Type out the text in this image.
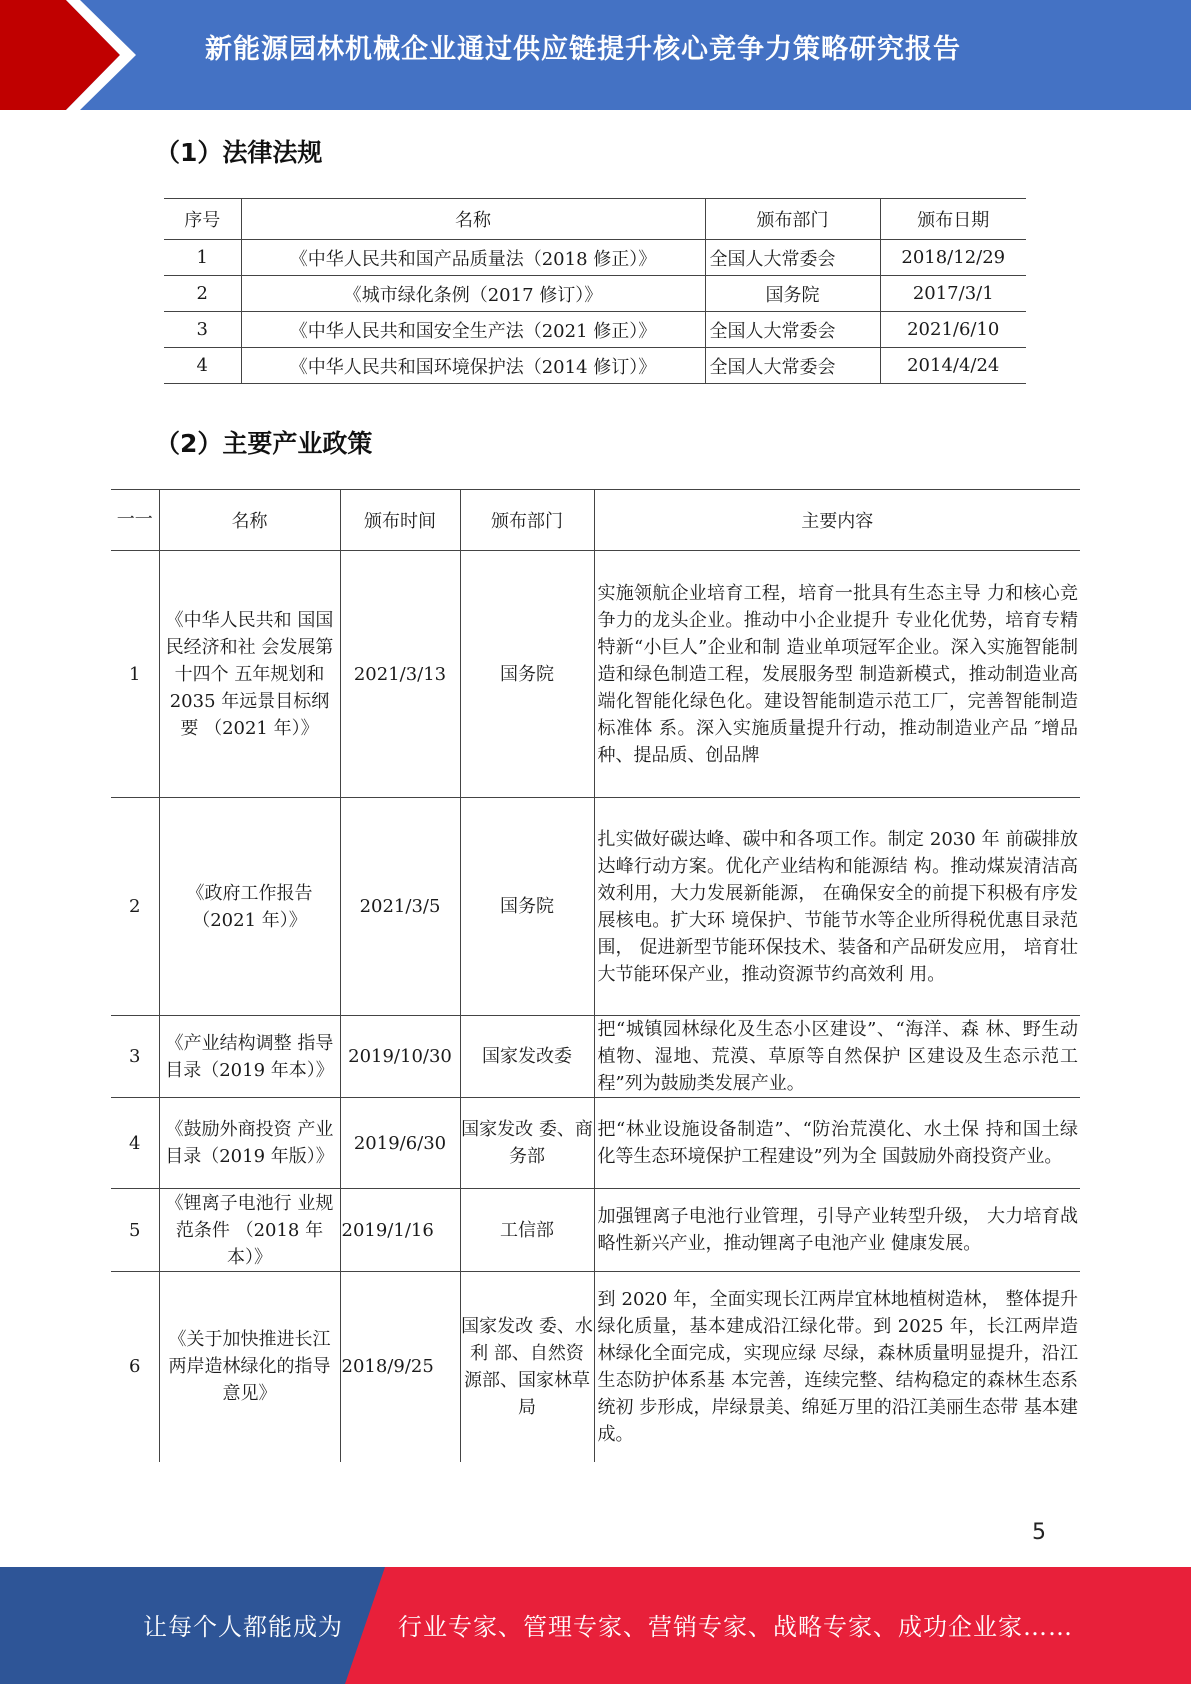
新能源园林机械企业通过供应链提升核心竞争力策略研究报告
（1）法律法规
序号	名称	颁布部门	颁布日期
1	《中华人民共和国产品质量法（2018 修正）》	全国人大常委会	2018/12/29
2	《城市绿化条例（2017 修订）》	国务院	2017/3/1
3	《中华人民共和国安全生产法（2021 修正）》	全国人大常委会	2021/6/10
4	《中华人民共和国环境保护法（2014 修订）》	全国人大常委会	2014/4/24
（2）主要产业政策
一一	名称	颁布时间	颁布部门	主要内容
1	《中华人民共和 国国民经济和社 会发展第十四个 五年规划和 2035 年远景目标纲要 （2021 年）》	2021/3/13	国务院	实施领航企业培育工程，培育一批具有生态主导 力和核心竞争力的龙头企业。推动中小企业提升 专业化优势，培育专精特新“小巨人”企业和制 造业单项冠军企业。深入实施智能制造和绿色制造工程，发展服务型 制造新模式，推动制造业高端化智能化绿色化。建设智能制造示范工厂，完善智能制造标准体 系。深入实施质量提升行动，推动制造业产品 ″增品种、提品质、创品牌
2	《政府工作报告（2021 年）》	2021/3/5	国务院	扎实做好碳达峰、碳中和各项工作。制定 2030 年 前碳排放达峰行动方案。优化产业结构和能源结 构。推动煤炭清洁高效利用，大力发展新能源， 在确保安全的前提下积极有序发展核电。扩大环 境保护、节能节水等企业所得税优惠目录范围， 促进新型节能环保技术、装备和产品研发应用， 培育壮大节能环保产业，推动资源节约高效利 用。
3	《产业结构调整 指导目录（2019 年本）》	2019/10/30	国家发改委	把“城镇园林绿化及生态小区建设”、“海洋、森 林、野生动植物、湿地、荒漠、草原等自然保护 区建设及生态示范工程”列为鼓励类发展产业。
4	《鼓励外商投资 产业目录（2019 年版）》	2019/6/30	国家发改 委、商务部	把“林业设施设备制造”、“防治荒漠化、水土保 持和国土绿化等生态环境保护工程建设”列为全 国鼓励外商投资产业。
5	《锂离子电池行 业规范条件 （2018 年本）》	2019/1/16	工信部	加强锂离子电池行业管理，引导产业转型升级， 大力培育战略性新兴产业，推动锂离子电池产业 健康发展。
6	《关于加快推进长江两岸造林绿化的指导意见》	2018/9/25	国家发改 委、水利 部、自然资 源部、国家林草局	到 2020 年，全面实现长江两岸宜林地植树造林， 整体提升绿化质量，基本建成沿江绿化带。到 2025 年，长江两岸造林绿化全面完成，实现应绿 尽绿，森林质量明显提升，沿江生态防护体系基 本完善，连续完整、结构稳定的森林生态系统初 步形成，岸绿景美、绵延万里的沿江美丽生态带 基本建成。
5
让每个人都能成为 行业专家、管理专家、营销专家、战略专家、成功企业家……
